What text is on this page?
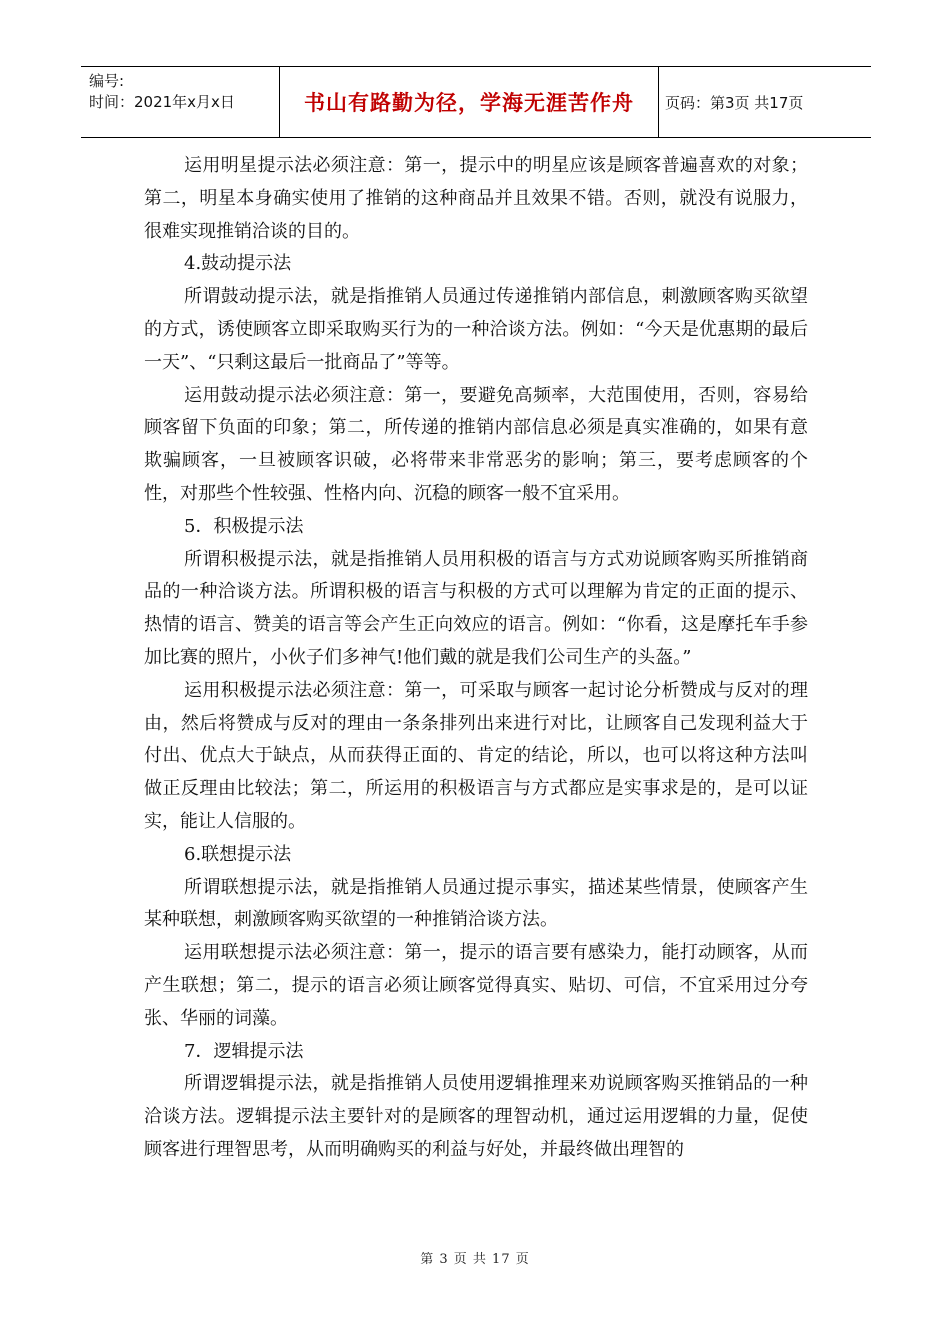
编号:
时间：2021年x月x日	书山有路勤为径，学海无涯苦作舟	页码：第3页 共17页

运用明星提示法必须注意：第一，提示中的明星应该是顾客普遍喜欢的对象；第二，明星本身确实使用了推销的这种商品并且效果不错。否则，就没有说服力，很难实现推销洽谈的目的。

4.鼓动提示法

所谓鼓动提示法，就是指推销人员通过传递推销内部信息，刺激顾客购买欲望的方式，诱使顾客立即采取购买行为的一种洽谈方法。例如：“今天是优惠期的最后一天”、“只剩这最后一批商品了”等等。

运用鼓动提示法必须注意：第一，要避免高频率，大范围使用，否则，容易给顾客留下负面的印象；第二，所传递的推销内部信息必须是真实准确的，如果有意欺骗顾客，一旦被顾客识破，必将带来非常恶劣的影响；第三，要考虑顾客的个性，对那些个性较强、性格内向、沉稳的顾客一般不宜采用。

5．积极提示法

所谓积极提示法，就是指推销人员用积极的语言与方式劝说顾客购买所推销商品的一种洽谈方法。所谓积极的语言与积极的方式可以理解为肯定的正面的提示、热情的语言、赞美的语言等会产生正向效应的语言。例如：“你看，这是摩托车手参加比赛的照片，小伙子们多神气!他们戴的就是我们公司生产的头盔。”

运用积极提示法必须注意：第一，可采取与顾客一起讨论分析赞成与反对的理由，然后将赞成与反对的理由一条条排列出来进行对比，让顾客自己发现利益大于付出、优点大于缺点，从而获得正面的、肯定的结论，所以，也可以将这种方法叫做正反理由比较法；第二，所运用的积极语言与方式都应是实事求是的，是可以证实，能让人信服的。

6.联想提示法

所谓联想提示法，就是指推销人员通过提示事实，描述某些情景，使顾客产生某种联想，刺激顾客购买欲望的一种推销洽谈方法。

运用联想提示法必须注意：第一，提示的语言要有感染力，能打动顾客，从而产生联想；第二，提示的语言必须让顾客觉得真实、贴切、可信，不宜采用过分夸张、华丽的词藻。

7．逻辑提示法

所谓逻辑提示法，就是指推销人员使用逻辑推理来劝说顾客购买推销品的一种洽谈方法。逻辑提示法主要针对的是顾客的理智动机，通过运用逻辑的力量，促使顾客进行理智思考，从而明确购买的利益与好处，并最终做出理智的

第 3 页 共 17 页
